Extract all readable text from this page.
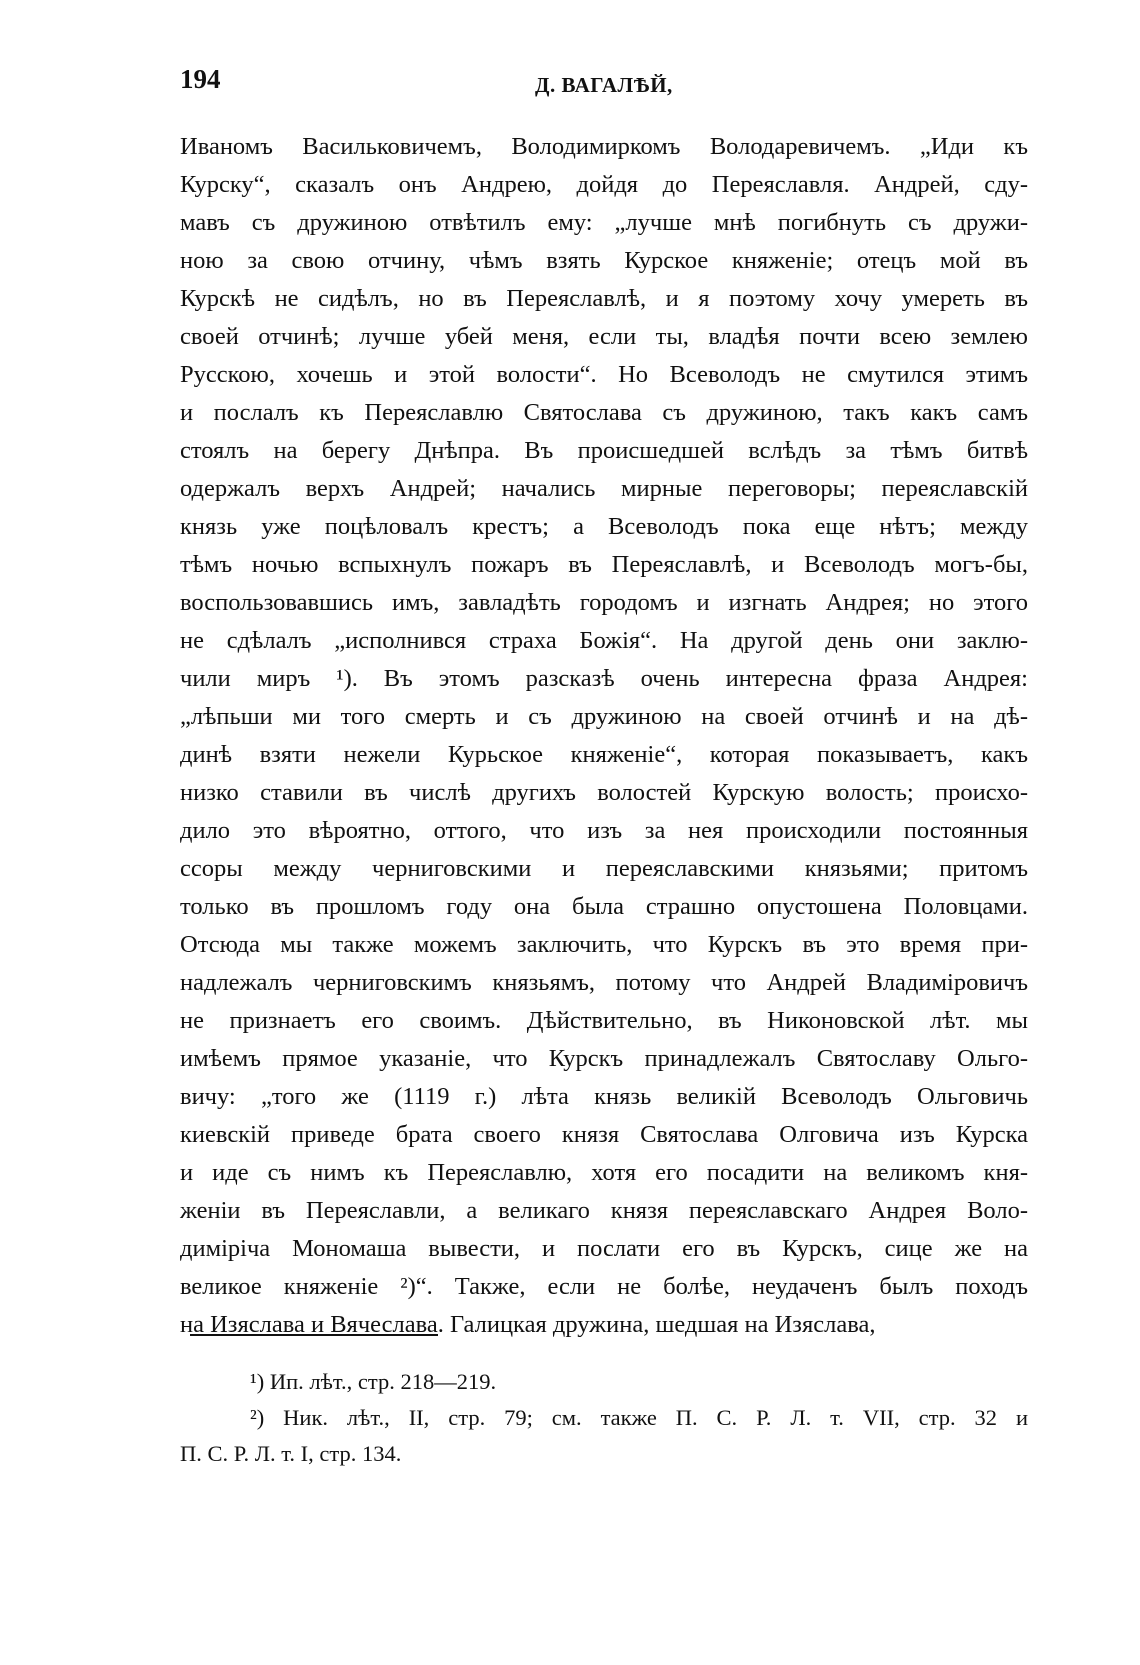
194	Д. ВАГАЛѢЙ,
Иваномъ Васильковичемъ, Володимиркомъ Володаревичемъ. „Иди къ
Курску“, сказалъ онъ Андрею, дойдя до Переяславля. Андрей, сду-
мавъ съ дружиною отвѣтилъ ему: „лучше мнѣ погибнуть съ дружи-
ною за свою отчину, чѣмъ взять Курское княженіе; отецъ мой въ
Курскѣ не сидѣлъ, но въ Переяславлѣ, и я поэтому хочу умереть въ
своей отчинѣ; лучше убей меня, если ты, владѣя почти всею землею
Русскою, хочешь и этой волости“. Но Всеволодъ не смутился этимъ
и послалъ къ Переяславлю Святослава съ дружиною, такъ какъ самъ
стоялъ на берегу Днѣпра. Въ происшедшей вслѣдъ за тѣмъ битвѣ
одержалъ верхъ Андрей; начались мирные переговоры; переяславскій
князь уже поцѣловалъ крестъ; а Всеволодъ пока еще нѣтъ; между
тѣмъ ночью вспыхнулъ пожаръ въ Переяславлѣ, и Всеволодъ могъ-бы,
воспользовавшись имъ, завладѣть городомъ и изгнать Андрея; но этого
не сдѣлалъ „исполнився страха Божія“. На другой день они заклю-
чили миръ ¹). Въ этомъ разсказѣ очень интересна фраза Андрея:
„лѣпьши ми того смерть и съ дружиною на своей отчинѣ и на дѣ-
динѣ взяти нежели Курьское княженіе“, которая показываетъ, какъ
низко ставили въ числѣ другихъ волостей Курскую волость; происхо-
дило это вѣроятно, оттого, что изъ за нея происходили постоянныя
ссоры между черниговскими и переяславскими князьями; притомъ
только въ прошломъ году она была страшно опустошена Половцами.
Отсюда мы также можемъ заключить, что Курскъ въ это время при-
надлежалъ черниговскимъ князьямъ, потому что Андрей Владиміровичъ
не признаетъ его своимъ. Дѣйствительно, въ Никоновской лѣт. мы
имѣемъ прямое указаніе, что Курскъ принадлежалъ Святославу Ольго-
вичу: „того же (1119 г.) лѣта князь великій Всеволодъ Ольговичь
киевскій приведе брата своего князя Святослава Олговича изъ Курска
и иде съ нимъ къ Переяславлю, хотя его посадити на великомъ кня-
женіи въ Переяславли, а великаго князя переяславскаго Андрея Воло-
диміріча Мономаша вывести, и послати его въ Курскъ, сице же на
великое княженіе ²)“. Также, если не болѣе, неудаченъ былъ походъ
на Изяслава и Вячеслава. Галицкая дружина, шедшая на Изяслава,
¹) Ип. лѣт., стр. 218—219.
²) Ник. лѣт., II, стр. 79; см. также П. С. Р. Л. т. VII, стр. 32 и
П. С. Р. Л. т. I, стр. 134.
